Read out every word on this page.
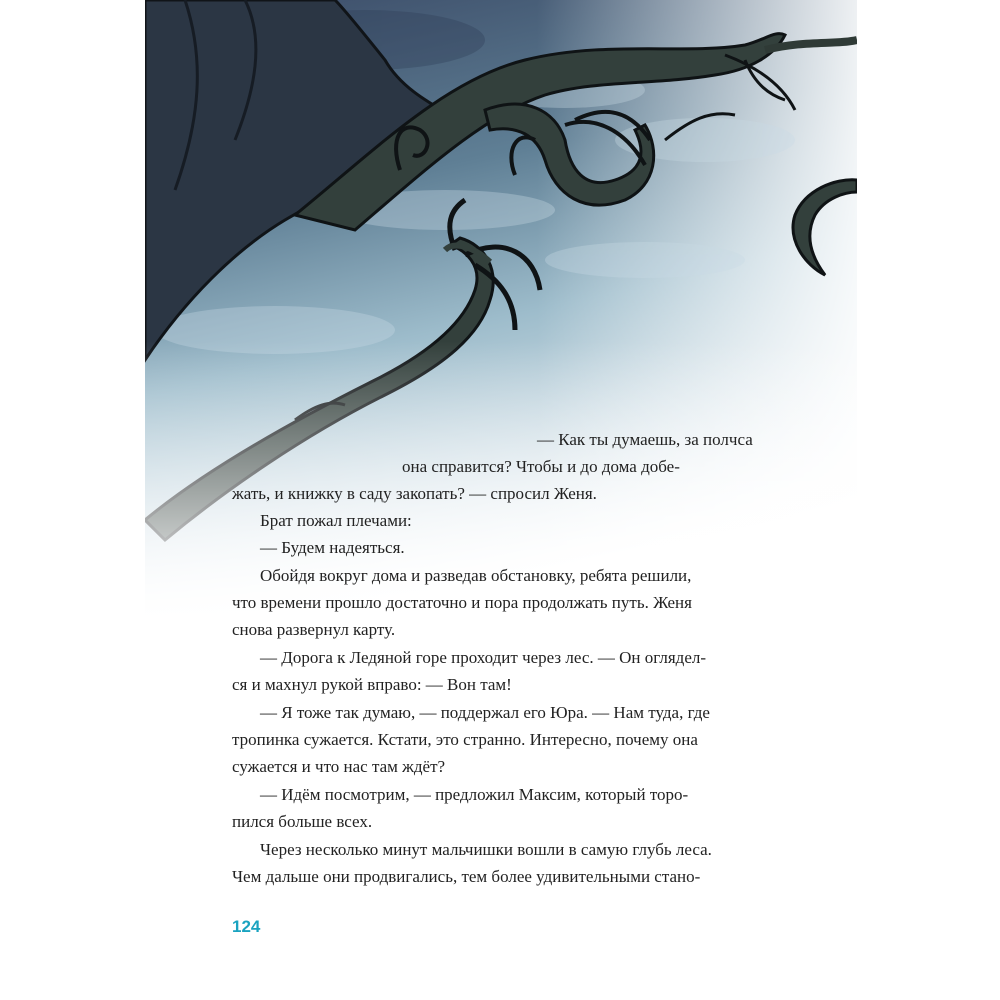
— Как ты думаешь, за полчса
она справится? Чтобы и до дома добе-
жать, и книжку в саду закопать? — спросил Женя.
Брат пожал плечами:
— Будем надеяться.
Обойдя вокруг дома и разведав обстановку, ребята решили,
что времени прошло достаточно и пора продолжать путь. Женя
снова развернул карту.
— Дорога к Ледяной горе проходит через лес. — Он оглядел-
ся и махнул рукой вправо: — Вон там!
— Я тоже так думаю, — поддержал его Юра. — Нам туда, где
тропинка сужается. Кстати, это странно. Интересно, почему она
сужается и что нас там ждёт?
— Идём посмотрим, — предложил Максим, который торо-
пился больше всех.
Через несколько минут мальчишки вошли в самую глубь леса.
Чем дальше они продвигались, тем более удивительными стано-
124
